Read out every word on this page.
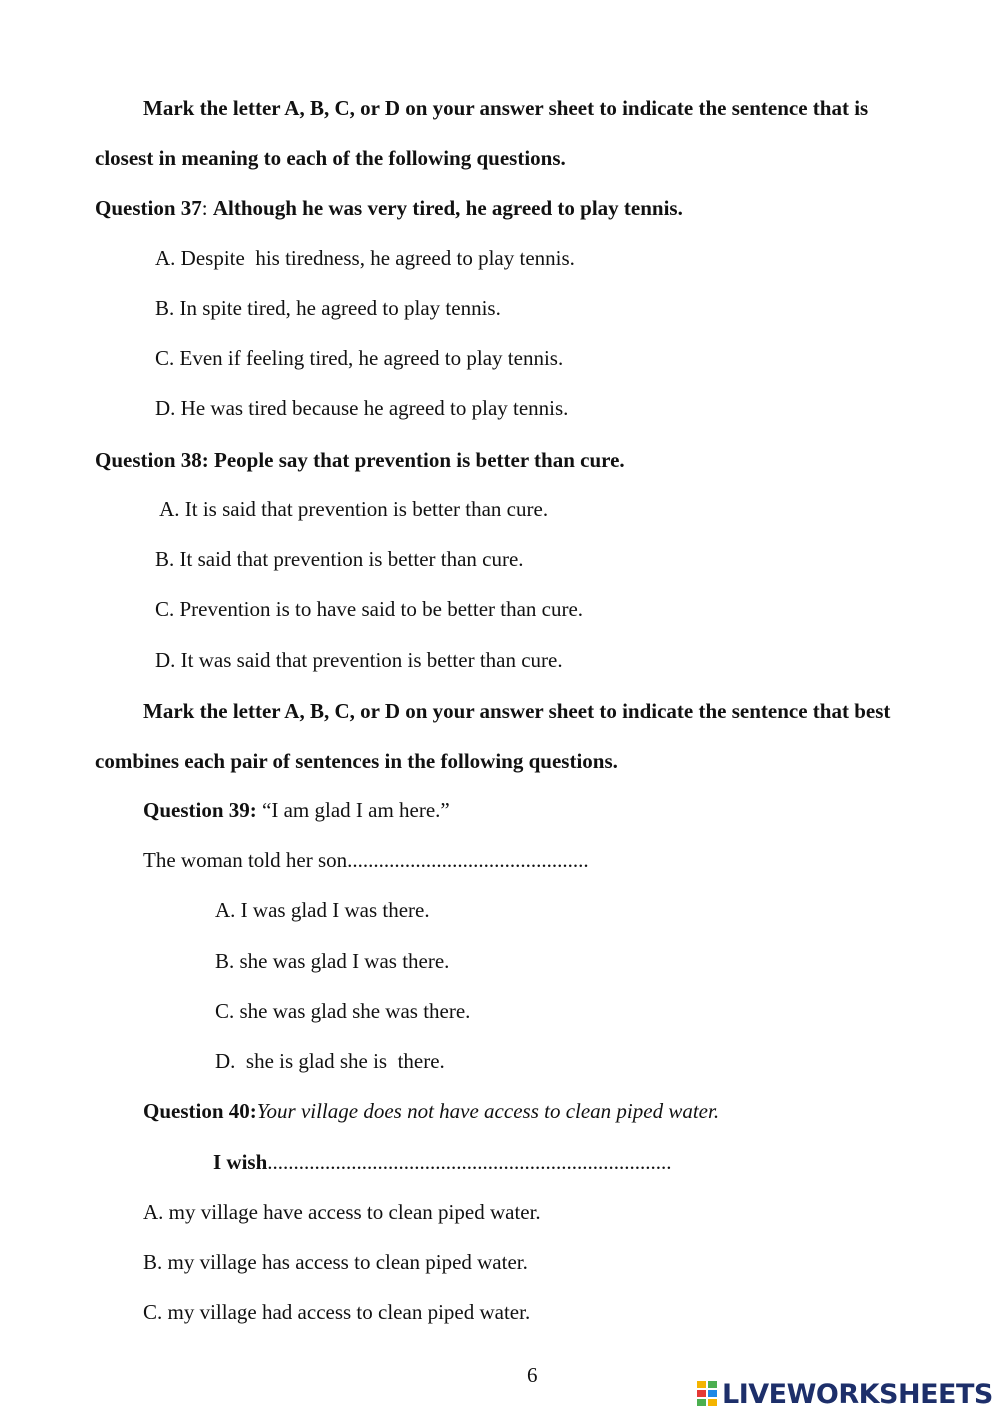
Mark the letter A, B, C, or D on your answer sheet to indicate the sentence that is
closest in meaning to each of the following questions.
Question 37: Although he was very tired, he agreed to play tennis.
A. Despite  his tiredness, he agreed to play tennis.
B. In spite tired, he agreed to play tennis.
C. Even if feeling tired, he agreed to play tennis.
D. He was tired because he agreed to play tennis.
Question 38: People say that prevention is better than cure.
A. It is said that prevention is better than cure.
B. It said that prevention is better than cure.
C. Prevention is to have said to be better than cure.
D. It was said that prevention is better than cure.
Mark the letter A, B, C, or D on your answer sheet to indicate the sentence that best
combines each pair of sentences in the following questions.
Question 39: “I am glad I am here.”
The woman told her son..............................................
A. I was glad I was there.
B. she was glad I was there.
C. she was glad she was there.
D.  she is glad she is  there.
Question 40:Your village does not have access to clean piped water.
I wish.............................................................................
A. my village have access to clean piped water.
B. my village has access to clean piped water.
C. my village had access to clean piped water.
6
LIVEWORKSHEETS
